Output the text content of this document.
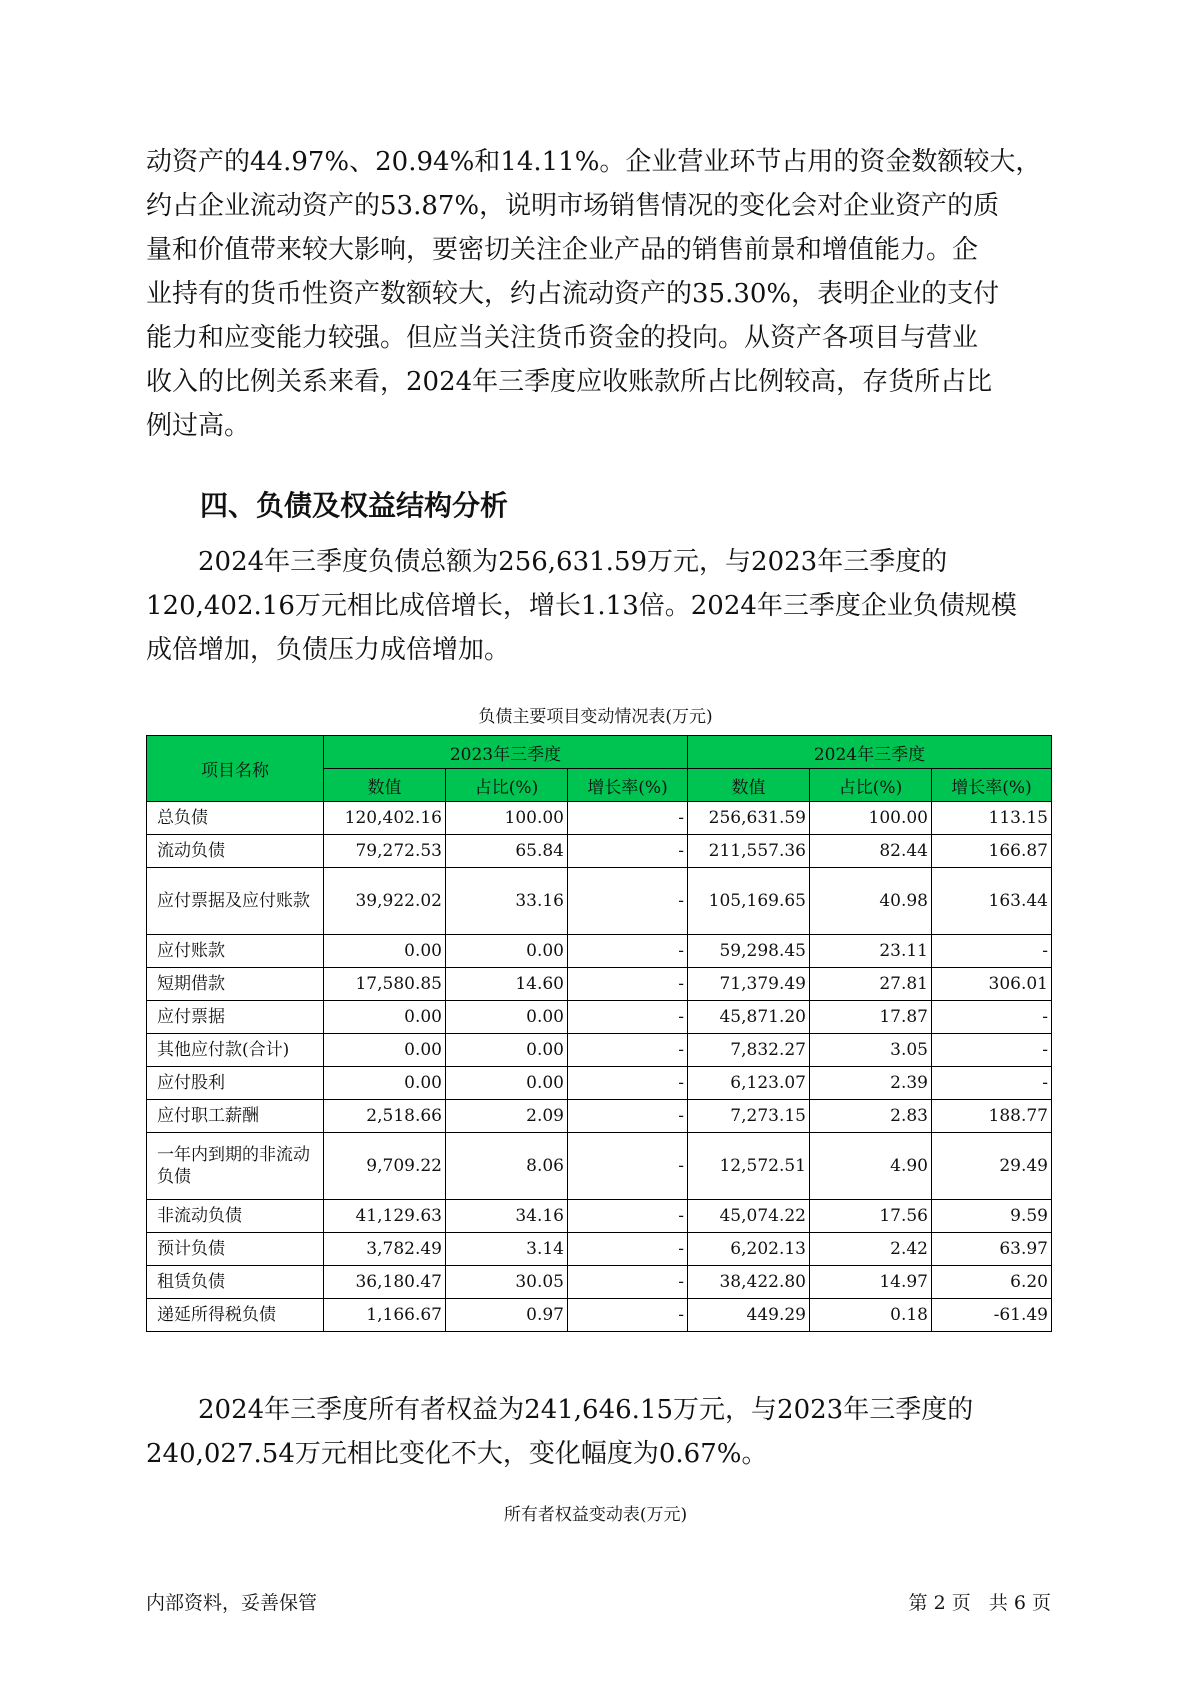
动资产的44.97%、20.94%和14.11%。企业营业环节占用的资金数额较大，
约占企业流动资产的53.87%，说明市场销售情况的变化会对企业资产的质
量和价值带来较大影响，要密切关注企业产品的销售前景和增值能力。企
业持有的货币性资产数额较大，约占流动资产的35.30%，表明企业的支付
能力和应变能力较强。但应当关注货币资金的投向。从资产各项目与营业
收入的比例关系来看，2024年三季度应收账款所占比例较高，存货所占比
例过高。
四、负债及权益结构分析
2024年三季度负债总额为256,631.59万元，与2023年三季度的
120,402.16万元相比成倍增长，增长1.13倍。2024年三季度企业负债规模
成倍增加，负债压力成倍增加。

负债主要项目变动情况表(万元)

项目名称	2023年三季度			2024年三季度		
	数值	占比(%)	增长率(%)	数值	占比(%)	增长率(%)
总负债	120,402.16	100.00	-	256,631.59	100.00	113.15
流动负债	79,272.53	65.84	-	211,557.36	82.44	166.87
应付票据及应付账款	39,922.02	33.16	-	105,169.65	40.98	163.44
应付账款	0.00	0.00	-	59,298.45	23.11	-
短期借款	17,580.85	14.60	-	71,379.49	27.81	306.01
应付票据	0.00	0.00	-	45,871.20	17.87	-
其他应付款(合计)	0.00	0.00	-	7,832.27	3.05	-
应付股利	0.00	0.00	-	6,123.07	2.39	-
应付职工薪酬	2,518.66	2.09	-	7,273.15	2.83	188.77
一年内到期的非流动负债	9,709.22	8.06	-	12,572.51	4.90	29.49
非流动负债	41,129.63	34.16	-	45,074.22	17.56	9.59
预计负债	3,782.49	3.14	-	6,202.13	2.42	63.97
租赁负债	36,180.47	30.05	-	38,422.80	14.97	6.20
递延所得税负债	1,166.67	0.97	-	449.29	0.18	-61.49
2024年三季度所有者权益为241,646.15万元，与2023年三季度的
240,027.54万元相比变化不大，变化幅度为0.67%。

所有者权益变动表(万元)

内部资料，妥善保管	第 2 页   共 6 页
